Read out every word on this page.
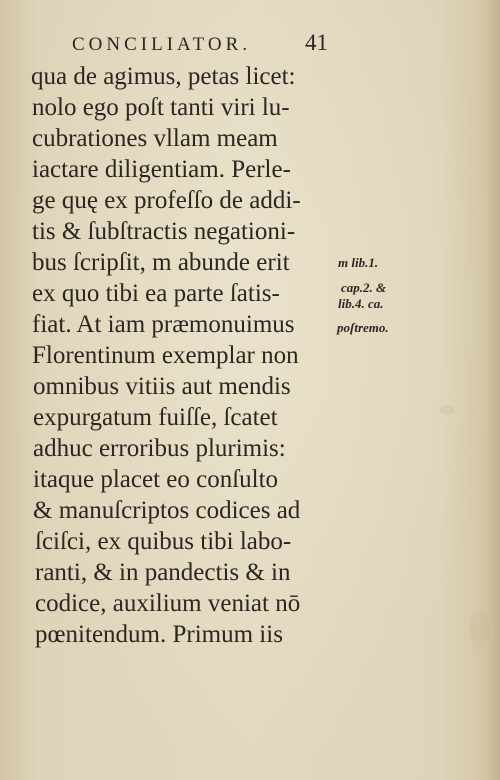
CONCILIATOR. 41
qua de agimus, petas licet:
nolo ego poſt tanti viri lu-
cubrationes vllam meam
iactare diligentiam. Perle-
ge quę ex profeſſo de addi-
tis & ſubſtractis negationi-
bus ſcripſit, m abunde erit
ex quo tibi ea parte ſatis-
fiat. At iam præmonuimus
Florentinum exemplar non
omnibus vitiis aut mendis
expurgatum fuiſſe, ſcatet
adhuc erroribus plurimis:
itaque placet eo conſulto
& manuſcriptos codices ad
ſciſci, ex quibus tibi labo-
ranti, & in pandectis & in
codice, auxilium veniat nō
pœnitendum. Primum iis
m lib.1.
cap.2. &
lib.4. ca.
poſtremo.
